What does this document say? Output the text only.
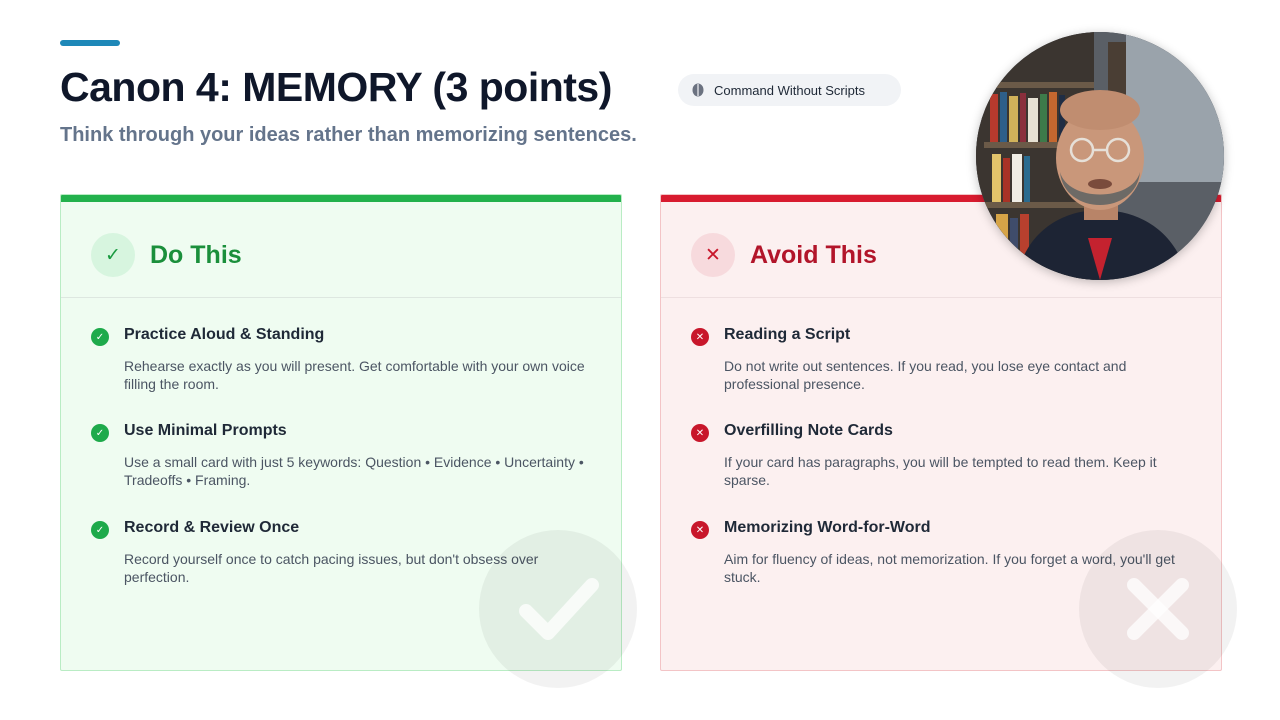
Canon 4: MEMORY (3 points)	Command Without Scripts
Think through your ideas rather than memorizing sentences.
✓	Do This
✓	Practice Aloud & Standing

Rehearse exactly as you will present. Get comfortable with your own voice filling the room.

✓	Use Minimal Prompts

Use a small card with just 5 keywords: Question • Evidence • Uncertainty • Tradeoffs • Framing.

✓	Record & Review Once

Record yourself once to catch pacing issues, but don't obsess over perfection.

✕	Avoid This
✕	Reading a Script

Do not write out sentences. If you read, you lose eye contact and professional presence.

✕	Overfilling Note Cards

If your card has paragraphs, you will be tempted to read them. Keep it sparse.

✕	Memorizing Word-for-Word

Aim for fluency of ideas, not memorization. If you forget a word, you'll get stuck.
